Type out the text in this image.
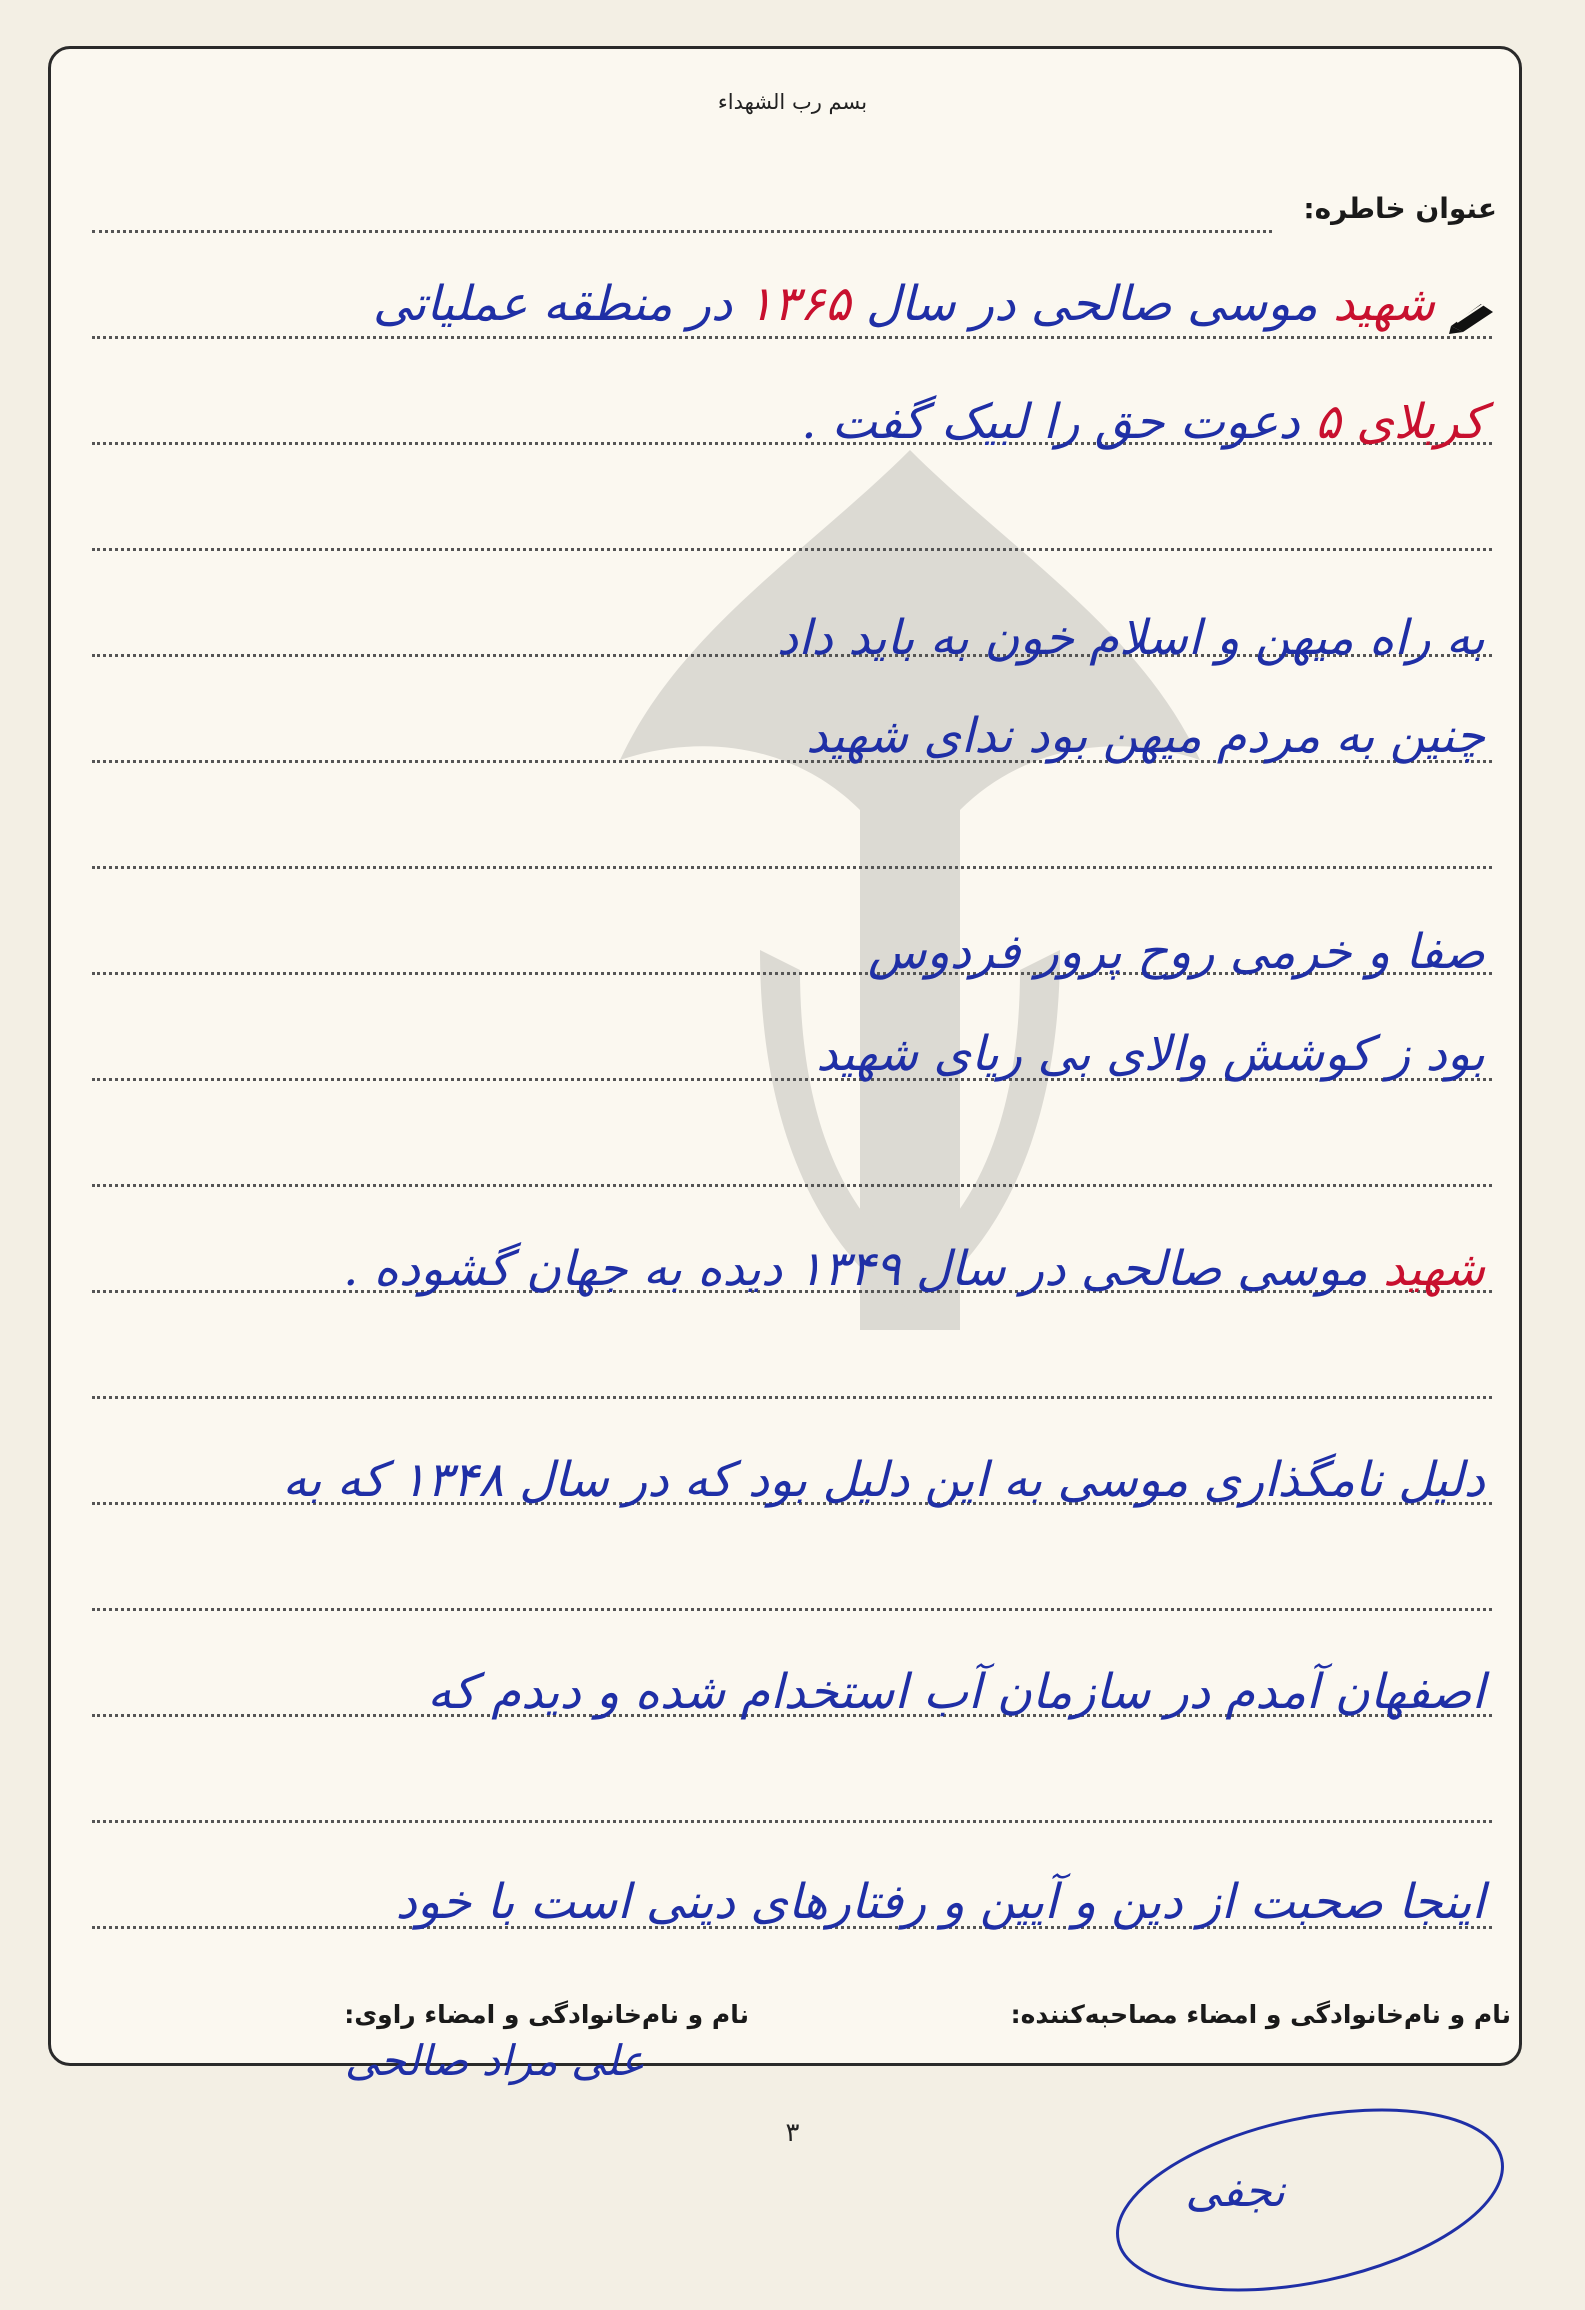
بسم رب الشهداء
عنوان خاطره:
شهید موسی صالحی در سال ۱۳۶۵ در منطقه عملیاتی
کربلای ۵ دعوت حق را لبیک گفت .
به راه میهن و اسلام خون به باید داد
چنین به مردم میهن بود ندای شهید
صفا و خرمی روح پرور فردوس
بود ز کوشش والای بی ریای شهید
شهید موسی صالحی در سال ۱۳۴۹ دیده به جهان گشوده .
دلیل نامگذاری موسی به این دلیل بود که در سال ۱۳۴۸ که به
اصفهان آمدم در سازمان آب استخدام شده و دیدم که
اینجا صحبت از دین و آیین و رفتارهای دینی است با خود
نام و نام‌خانوادگی و امضاء مصاحبه‌کننده:
نام و نام‌خانوادگی و امضاء راوی:
علی مراد صالحی
۳
نجفی
